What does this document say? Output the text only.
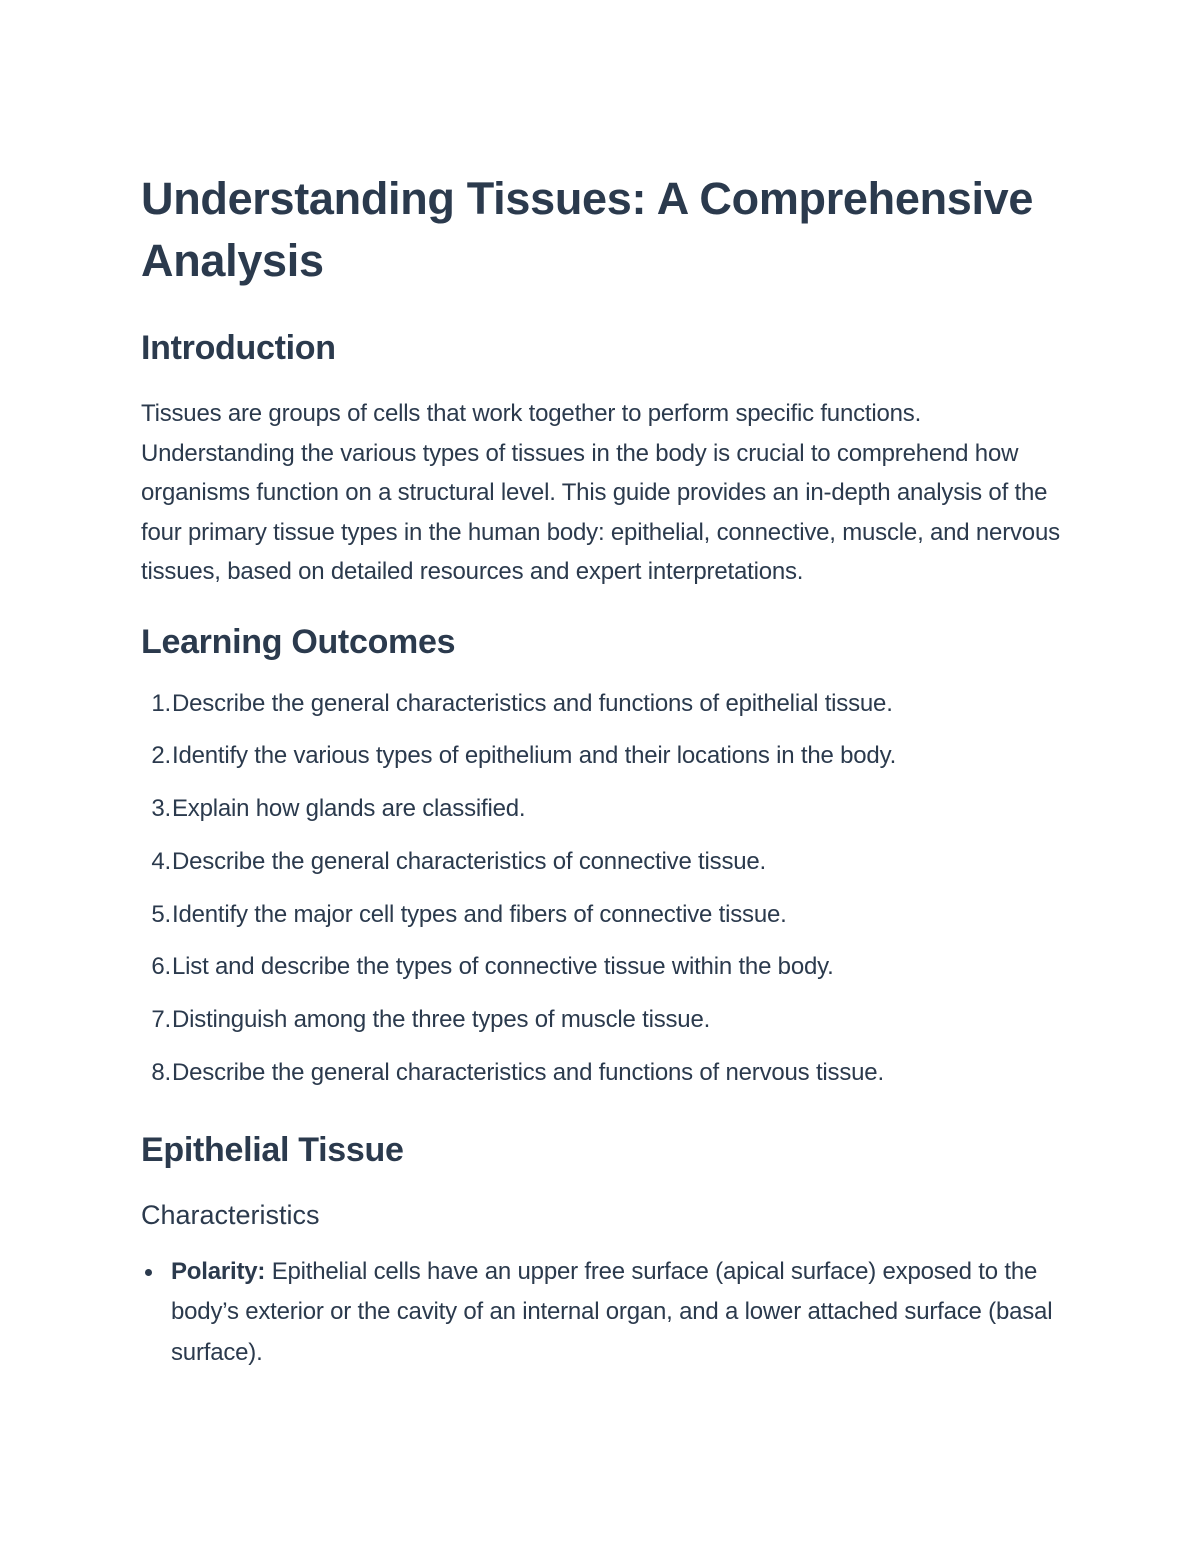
Understanding Tissues: A Comprehensive Analysis
Introduction

Tissues are groups of cells that work together to perform specific functions. Understanding the various types of tissues in the body is crucial to comprehend how organisms function on a structural level. This guide provides an in-depth analysis of the four primary tissue types in the human body: epithelial, connective, muscle, and nervous tissues, based on detailed resources and expert interpretations.

Learning Outcomes
1. Describe the general characteristics and functions of epithelial tissue.
2. Identify the various types of epithelium and their locations in the body.
3. Explain how glands are classified.
4. Describe the general characteristics of connective tissue.
5. Identify the major cell types and fibers of connective tissue.
6. List and describe the types of connective tissue within the body.
7. Distinguish among the three types of muscle tissue.
8. Describe the general characteristics and functions of nervous tissue.
Epithelial Tissue
Characteristics
Polarity: Epithelial cells have an upper free surface (apical surface) exposed to the body’s exterior or the cavity of an internal organ, and a lower attached surface (basal surface).
